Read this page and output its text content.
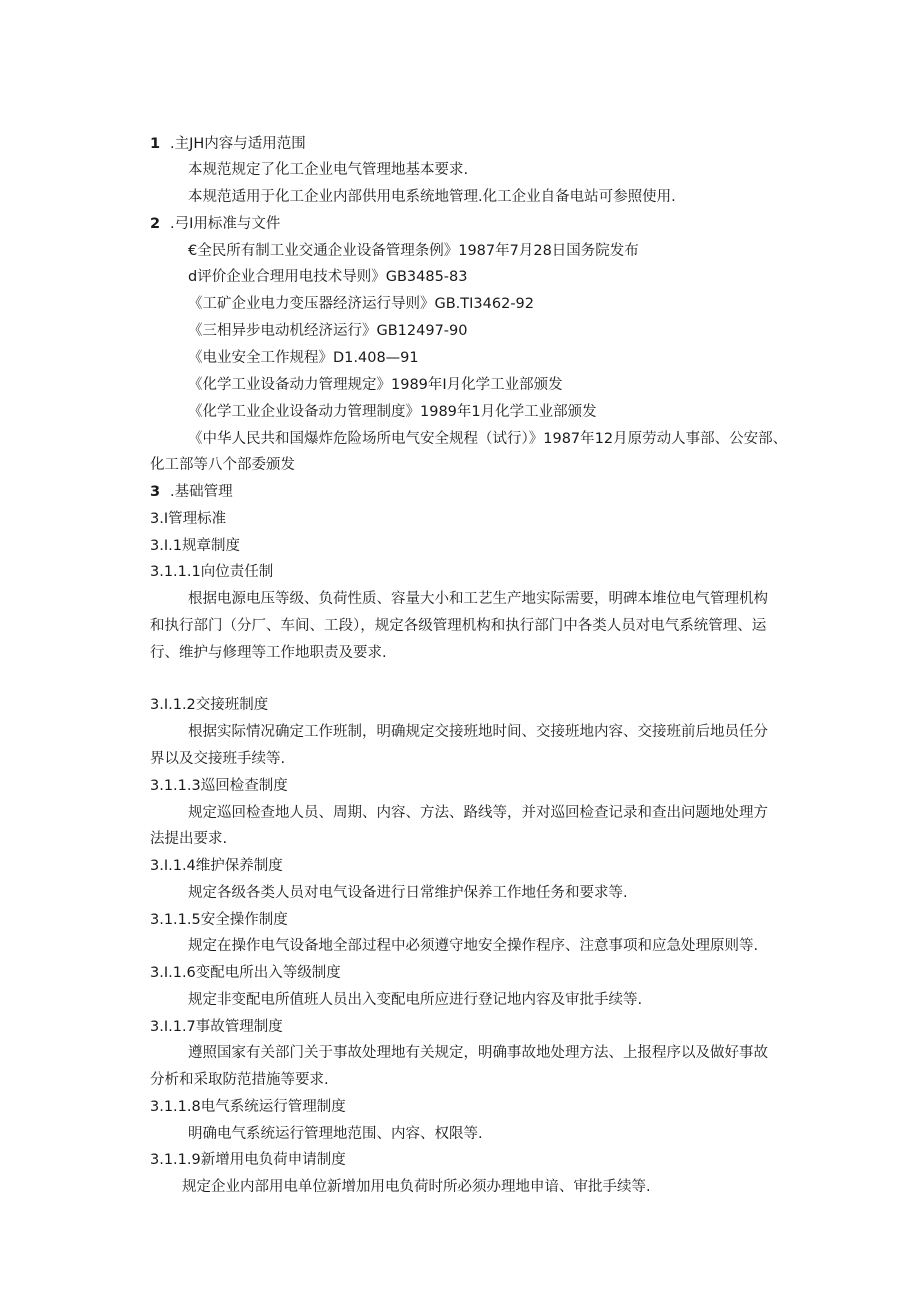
1 .主JH内容与适用范围
本规范规定了化工企业电气管理地基本要求.
本规范适用于化工企业内部供用电系统地管理.化工企业自备电站可参照使用.
2 .弓I用标准与文件
€全民所有制工业交通企业设备管理条例》1987年7月28日国务院发布
d评价企业合理用电技术导则》GB3485-83
《工矿企业电力变压器经济运行导则》GB.TI3462-92
《三相异步电动机经济运行》GB12497-90
《电业安全工作规程》D1.408—91
《化学工业设备动力管理规定》1989年I月化学工业部颁发
《化学工业企业设备动力管理制度》1989年1月化学工业部颁发
《中华人民共和国爆炸危险场所电气安全规程（试行）》1987年12月原劳动人事部、公安部、
化工部等八个部委颁发
3 .基础管理
3.I管理标准
3.I.1规章制度
3.1.1.1向位责任制
根据电源电压等级、负荷性质、容量大小和工艺生产地实际需要，明碑本堆位电气管理机构
和执行部门（分厂、车间、工段），规定各级管理机构和执行部门中各类人员对电气系统管理、运
行、维护与修理等工作地职责及要求.
3.I.1.2交接班制度
根据实际情况确定工作班制，明确规定交接班地时间、交接班地内容、交接班前后地员任分
界以及交接班手续等.
3.1.1.3巡回检查制度
规定巡回检查地人员、周期、内容、方法、路线等，并对巡回检查记录和查出问题地处理方
法提出要求.
3.I.1.4维护保养制度
规定各级各类人员对电气设备进行日常维护保养工作地任务和要求等.
3.1.1.5安全操作制度
规定在操作电气设备地全部过程中必须遵守地安全操作程序、注意事项和应急处理原则等.
3.I.1.6变配电所出入等级制度
规定非变配电所值班人员出入变配电所应进行登记地内容及审批手续等.
3.I.1.7事故管理制度
遵照国家有关部门关于事故处理地有关规定，明确事故地处理方法、上报程序以及做好事故
分析和采取防范措施等要求.
3.1.1.8电气系统运行管理制度
明确电气系统运行管理地范围、内容、权限等.
3.1.1.9新增用电负荷申请制度
规定企业内部用电单位新增加用电负荷时所必须办理地申谙、审批手续等.
